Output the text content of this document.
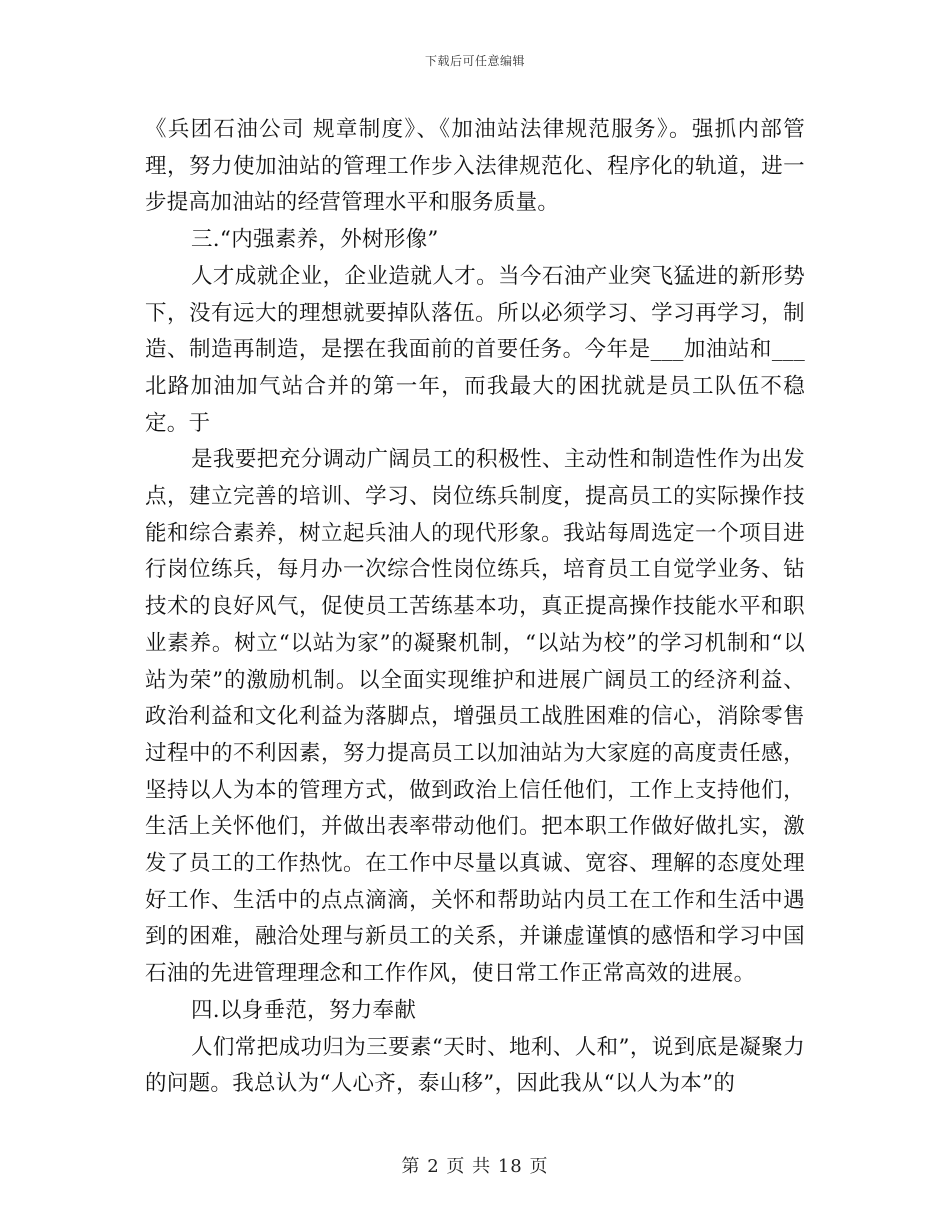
下载后可任意编辑

《兵团石油公司 规章制度》、《加油站法律规范服务》。强抓内部管理，努力使加油站的管理工作步入法律规范化、程序化的轨道，进一步提高加油站的经营管理水平和服务质量。

三.“内强素养，外树形像”

人才成就企业，企业造就人才。当今石油产业突飞猛进的新形势下，没有远大的理想就要掉队落伍。所以必须学习、学习再学习，制造、制造再制造，是摆在我面前的首要任务。今年是___加油站和___北路加油加气站合并的第一年，而我最大的困扰就是员工队伍不稳定。于

是我要把充分调动广阔员工的积极性、主动性和制造性作为出发点，建立完善的培训、学习、岗位练兵制度，提高员工的实际操作技能和综合素养，树立起兵油人的现代形象。我站每周选定一个项目进行岗位练兵，每月办一次综合性岗位练兵，培育员工自觉学业务、钻技术的良好风气，促使员工苦练基本功，真正提高操作技能水平和职业素养。树立“以站为家”的凝聚机制，“以站为校”的学习机制和“以站为荣”的激励机制。以全面实现维护和进展广阔员工的经济利益、政治利益和文化利益为落脚点，增强员工战胜困难的信心，消除零售过程中的不利因素，努力提高员工以加油站为大家庭的高度责任感，坚持以人为本的管理方式，做到政治上信任他们，工作上支持他们，生活上关怀他们，并做出表率带动他们。把本职工作做好做扎实，激发了员工的工作热忱。在工作中尽量以真诚、宽容、理解的态度处理好工作、生活中的点点滴滴，关怀和帮助站内员工在工作和生活中遇到的困难，融洽处理与新员工的关系，并谦虚谨慎的感悟和学习中国石油的先进管理理念和工作作风，使日常工作正常高效的进展。

四.以身垂范，努力奉献

人们常把成功归为三要素“天时、地利、人和”，说到底是凝聚力的问题。我总认为“人心齐，泰山移”，因此我从“以人为本”的

第 2 页 共 18 页
